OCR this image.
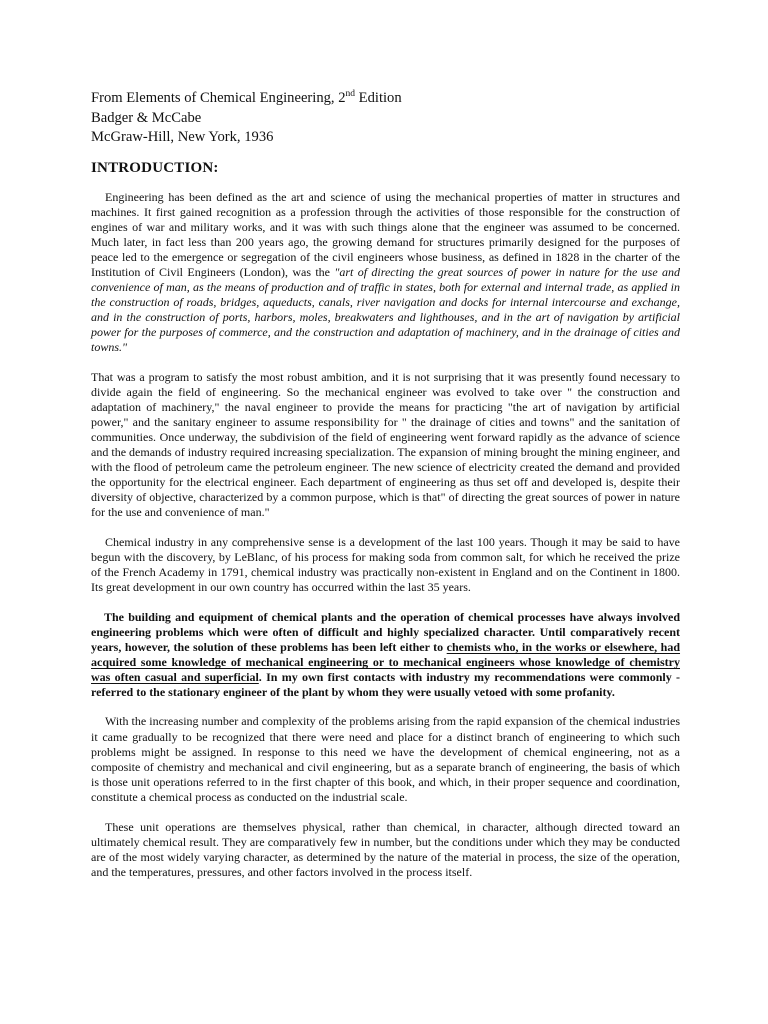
From Elements of Chemical Engineering, 2nd Edition
Badger & McCabe
McGraw-Hill, New York, 1936
INTRODUCTION:

Engineering has been defined as the art and science of using the mechanical properties of matter in structures and machines. It first gained recognition as a profession through the activities of those responsible for the construction of engines of war and military works, and it was with such things alone that the engineer was assumed to be concerned. Much later, in fact less than 200 years ago, the growing demand for structures primarily designed for the purposes of peace led to the emergence or segregation of the civil engineers whose business, as defined in 1828 in the charter of the Institution of Civil Engineers (London), was the "art of directing the great sources of power in nature for the use and convenience of man, as the means of production and of traffic in states, both for external and internal trade, as applied in the construction of roads, bridges, aqueducts, canals, river navigation and docks for internal intercourse and exchange, and in the construction of ports, harbors, moles, breakwaters and lighthouses, and in the art of navigation by artificial power for the purposes of commerce, and the construction and adaptation of machinery, and in the drainage of cities and towns."

That was a program to satisfy the most robust ambition, and it is not surprising that it was presently found necessary to divide again the field of engineering. So the mechanical engineer was evolved to take over " the construction and adaptation of machinery," the naval engineer to provide the means for practicing "the art of navigation by artificial power," and the sanitary engineer to assume responsibility for " the drainage of cities and towns" and the sanitation of communities. Once underway, the subdivision of the field of engineering went forward rapidly as the advance of science and the demands of industry required increasing specialization. The expansion of mining brought the mining engineer, and with the flood of petroleum came the petroleum engineer. The new science of electricity created the demand and provided the opportunity for the electrical engineer. Each department of engineering as thus set off and developed is, despite their diversity of objective, characterized by a common purpose, which is that" of directing the great sources of power in nature for the use and convenience of man."

Chemical industry in any comprehensive sense is a development of the last 100 years. Though it may be said to have begun with the discovery, by LeBlanc, of his process for making soda from common salt, for which he received the prize of the French Academy in 1791, chemical industry was practically non-existent in England and on the Continent in 1800. Its great development in our own country has occurred within the last 35 years.

The building and equipment of chemical plants and the operation of chemical processes have always involved engineering problems which were often of difficult and highly specialized character. Until comparatively recent years, however, the solution of these problems has been left either to chemists who, in the works or elsewhere, had acquired some knowledge of mechanical engineering or to mechanical engineers whose knowledge of chemistry was often casual and superficial. In my own first contacts with industry my recommendations were commonly - referred to the stationary engineer of the plant by whom they were usually vetoed with some profanity.

With the increasing number and complexity of the problems arising from the rapid expansion of the chemical industries it came gradually to be recognized that there were need and place for a distinct branch of engineering to which such problems might be assigned. In response to this need we have the development of chemical engineering, not as a composite of chemistry and mechanical and civil engineering, but as a separate branch of engineering, the basis of which is those unit operations referred to in the first chapter of this book, and which, in their proper sequence and coordination, constitute a chemical process as conducted on the industrial scale.

These unit operations are themselves physical, rather than chemical, in character, although directed toward an ultimately chemical result. They are comparatively few in number, but the conditions under which they may be conducted are of the most widely varying character, as determined by the nature of the material in process, the size of the operation, and the temperatures, pressures, and other factors involved in the process itself.
